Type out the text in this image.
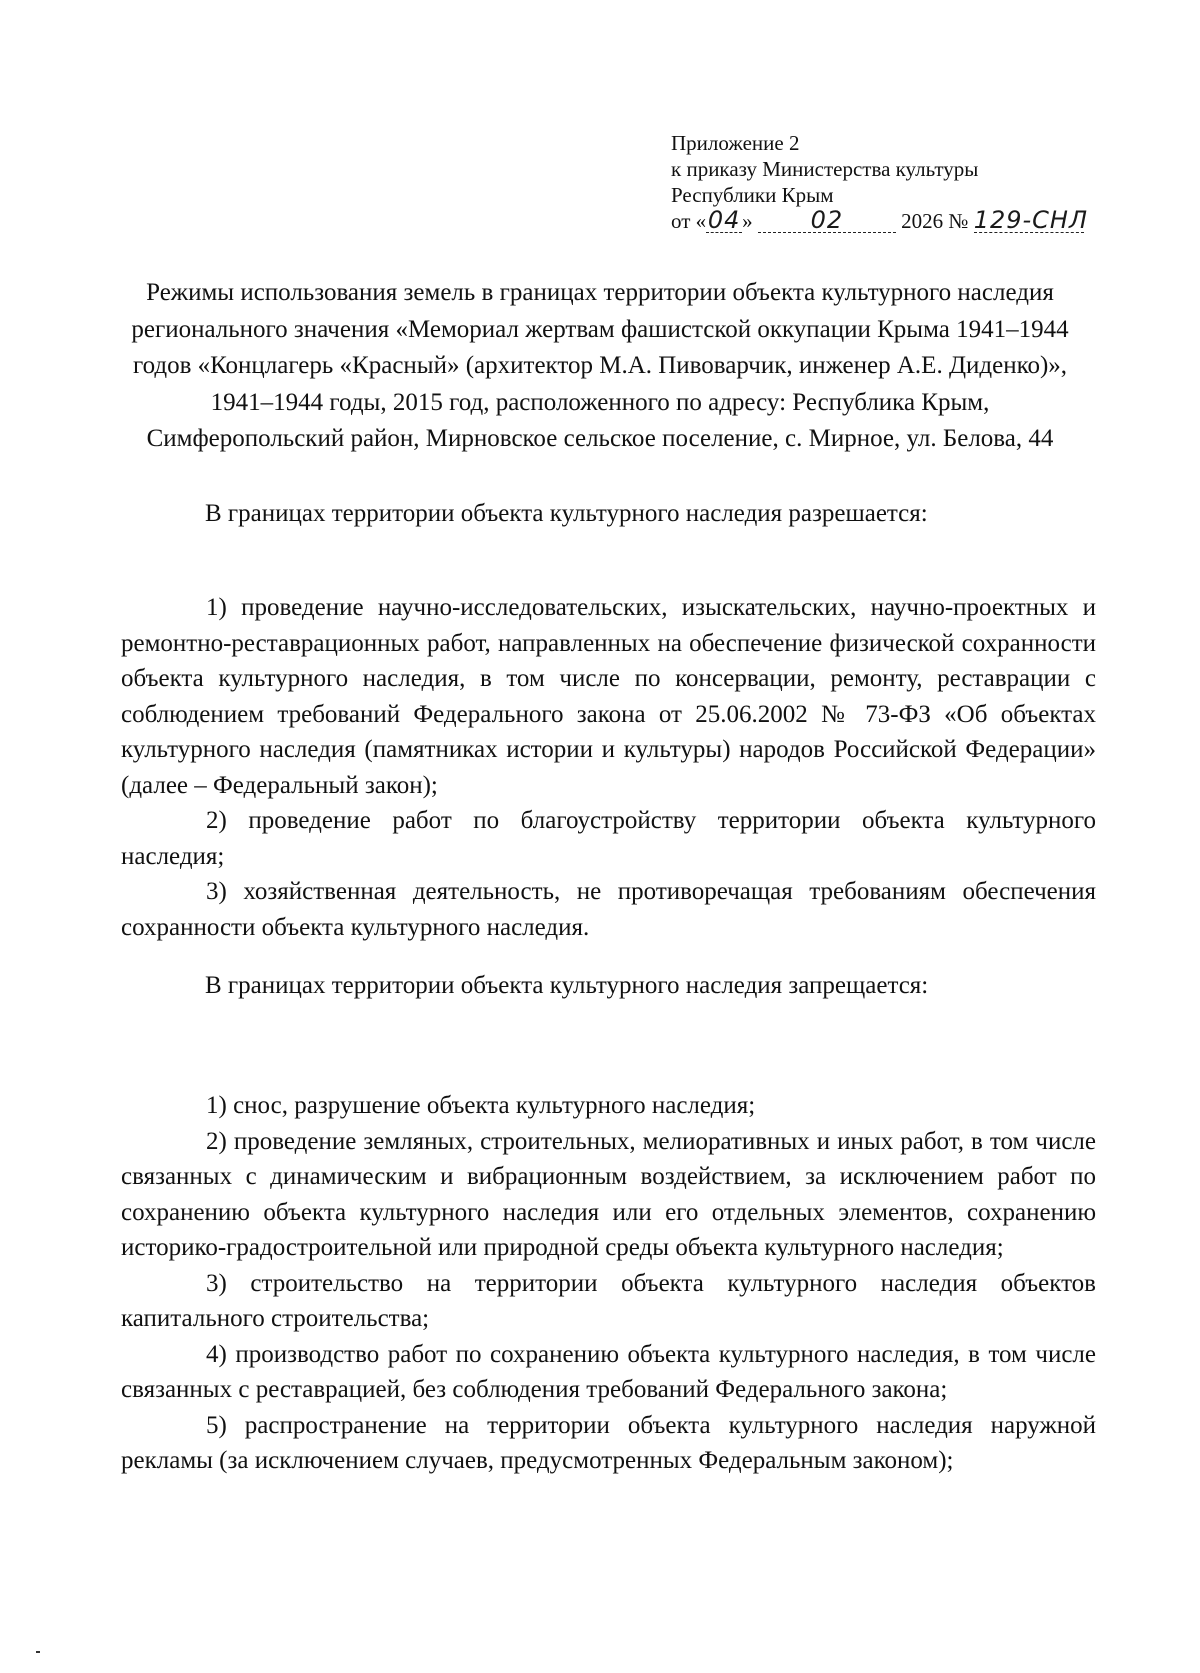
Приложение 2
к приказу Министерства культуры
Республики Крым
от «04» 02	2026 № 129-СНЛ
Режимы использования земель в границах территории объекта культурного наследия регионального значения «Мемориал жертвам фашистской оккупации Крыма 1941–1944 годов «Концлагерь «Красный» (архитектор М.А. Пивоварчик, инженер А.Е. Диденко)», 1941–1944 годы, 2015 год, расположенного по адресу: Республика Крым, Симферопольский район, Мирновское сельское поселение, с. Мирное, ул. Белова, 44
В границах территории объекта культурного наследия разрешается:

1) проведение научно-исследовательских, изыскательских, научно-проектных и ремонтно-реставрационных работ, направленных на обеспечение физической сохранности объекта культурного наследия, в том числе по консервации, ремонту, реставрации с соблюдением требований Федерального закона от 25.06.2002 № 73-ФЗ «Об объектах культурного наследия (памятниках истории и культуры) народов Российской Федерации» (далее – Федеральный закон);

2) проведение работ по благоустройству территории объекта культурного наследия;

3) хозяйственная деятельность, не противоречащая требованиям обеспечения сохранности объекта культурного наследия.

В границах территории объекта культурного наследия запрещается:

1) снос, разрушение объекта культурного наследия;

2) проведение земляных, строительных, мелиоративных и иных работ, в том числе связанных с динамическим и вибрационным воздействием, за исключением работ по сохранению объекта культурного наследия или его отдельных элементов, сохранению историко-градостроительной или природной среды объекта культурного наследия;

3) строительство на территории объекта культурного наследия объектов капитального строительства;

4) производство работ по сохранению объекта культурного наследия, в том числе связанных с реставрацией, без соблюдения требований Федерального закона;

5) распространение на территории объекта культурного наследия наружной рекламы (за исключением случаев, предусмотренных Федеральным законом);
